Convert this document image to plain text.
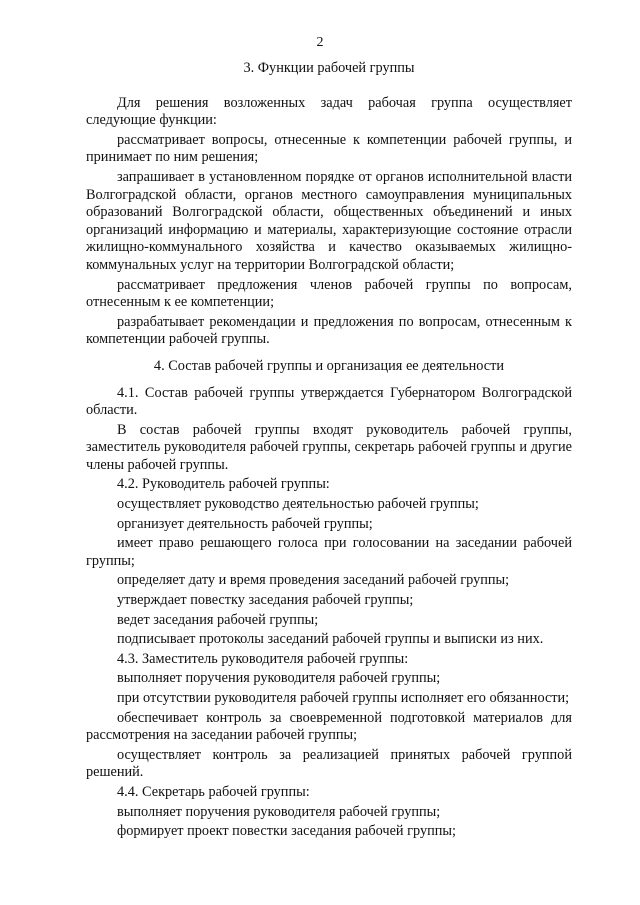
2
3. Функции рабочей группы

Для решения возложенных задач рабочая группа осуществляет следующие функции:

рассматривает вопросы, отнесенные к компетенции рабочей группы, и принимает по ним решения;

запрашивает в установленном порядке от органов исполнительной власти Волгоградской области, органов местного самоуправления муниципальных образований Волгоградской области, общественных объединений и иных организаций информацию и материалы, характеризующие состояние отрасли жилищно-коммунального хозяйства и качество оказываемых жилищно-коммунальных услуг на территории Волгоградской области;

рассматривает предложения членов рабочей группы по вопросам, отнесенным к ее компетенции;

разрабатывает рекомендации и предложения по вопросам, отнесенным к компетенции рабочей группы.

4. Состав рабочей группы и организация ее деятельности

4.1. Состав рабочей группы утверждается Губернатором Волгоградской области.

В состав рабочей группы входят руководитель рабочей группы, заместитель руководителя рабочей группы, секретарь рабочей группы и другие члены рабочей группы.

4.2. Руководитель рабочей группы:

осуществляет руководство деятельностью рабочей группы;

организует деятельность рабочей группы;

имеет право решающего голоса при голосовании на заседании рабочей группы;

определяет дату и время проведения заседаний рабочей группы;

утверждает повестку заседания рабочей группы;

ведет заседания рабочей группы;

подписывает протоколы заседаний рабочей группы и выписки из них.

4.3. Заместитель руководителя рабочей группы:

выполняет поручения руководителя рабочей группы;

при отсутствии руководителя рабочей группы исполняет его обязанности;

обеспечивает контроль за своевременной подготовкой материалов для рассмотрения на заседании рабочей группы;

осуществляет контроль за реализацией принятых рабочей группой решений.

4.4. Секретарь рабочей группы:

выполняет поручения руководителя рабочей группы;

формирует проект повестки заседания рабочей группы;
